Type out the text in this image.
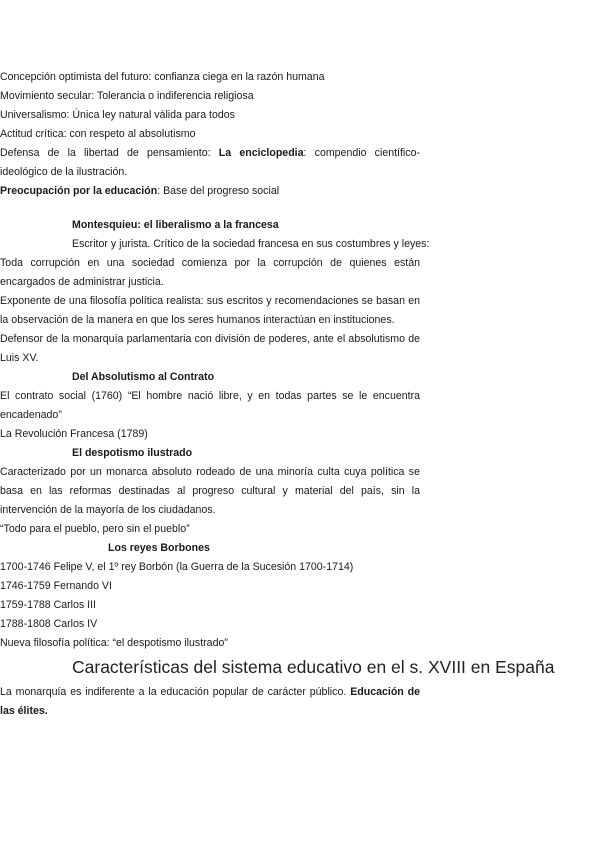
- Concepción optimista del futuro: confianza ciega en la razón humana
- Movimiento secular: Tolerancia o indiferencia religiosa
- Universalismo: Única ley natural válida para todos
- Actitud crítica: con respeto al absolutismo
- Defensa de la libertad de pensamiento: La enciclopedia: compendio científico-ideológico de la ilustración.
- Preocupación por la educación: Base del progreso social
Montesquieu: el liberalismo a la francesa
Escritor y jurista. Crítico de la sociedad francesa en sus costumbres y leyes:
- Toda corrupción en una sociedad comienza por la corrupción de quienes están encargados de administrar justicia.
- Exponente de una filosofía política realista: sus escritos y recomendaciones se basan en la observación de la manera en que los seres humanos interactúan en instituciones.
- Defensor de la monarquía parlamentaria con división de poderes, ante el absolutismo de Luis XV.
Del Absolutismo al Contrato
- El contrato social (1760) “El hombre nació libre, y en todas partes se le encuentra encadenado”
- La Revolución Francesa (1789)
El despotismo ilustrado
- Caracterizado por un monarca absoluto rodeado de una minoría culta cuya política se basa en las reformas destinadas al progreso cultural y material del país, sin la intervención de la mayoría de los ciudadanos.
- “Todo para el pueblo, pero sin el pueblo”
Los reyes Borbones
- 1700-1746 Felipe V, el 1º rey Borbón (la Guerra de la Sucesión 1700-1714)
- 1746-1759 Fernando VI
- 1759-1788 Carlos III
- 1788-1808 Carlos IV
- Nueva filosofía política: “el despotismo ilustrado”
Características del sistema educativo en el s. XVIII en España
- La monarquía es indiferente a la educación popular de carácter público. Educación de las élites.
